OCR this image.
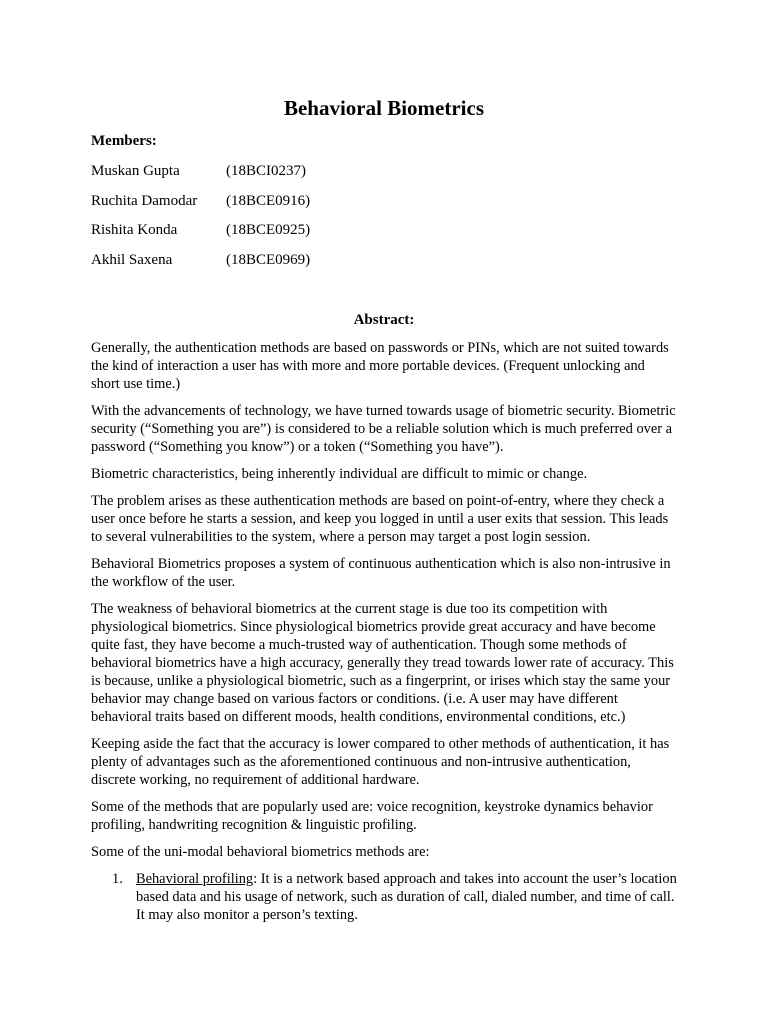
Behavioral Biometrics
Members:
Muskan Gupta	(18BCI0237)
Ruchita Damodar (18BCE0916)
Rishita Konda	(18BCE0925)
Akhil Saxena	(18BCE0969)
Abstract:

Generally, the authentication methods are based on passwords or PINs, which are not suited towards the kind of interaction a user has with more and more portable devices. (Frequent unlocking and short use time.)

With the advancements of technology, we have turned towards usage of biometric security. Biometric security (“Something you are”) is considered to be a reliable solution which is much preferred over a password (“Something you know”) or a token (“Something you have”).

Biometric characteristics, being inherently individual are difficult to mimic or change.

The problem arises as these authentication methods are based on point-of-entry, where they check a user once before he starts a session, and keep you logged in until a user exits that session. This leads to several vulnerabilities to the system, where a person may target a post login session.

Behavioral Biometrics proposes a system of continuous authentication which is also non-intrusive in the workflow of the user.

The weakness of behavioral biometrics at the current stage is due too its competition with physiological biometrics. Since physiological biometrics provide great accuracy and have become quite fast, they have become a much-trusted way of authentication. Though some methods of behavioral biometrics have a high accuracy, generally they tread towards lower rate of accuracy. This is because, unlike a physiological biometric, such as a fingerprint, or irises which stay the same your behavior may change based on various factors or conditions. (i.e. A user may have different behavioral traits based on different moods, health conditions, environmental conditions, etc.)

Keeping aside the fact that the accuracy is lower compared to other methods of authentication, it has plenty of advantages such as the aforementioned continuous and non-intrusive authentication, discrete working, no requirement of additional hardware.

Some of the methods that are popularly used are: voice recognition, keystroke dynamics behavior profiling, handwriting recognition & linguistic profiling.

Some of the uni-modal behavioral biometrics methods are:

1. Behavioral profiling: It is a network based approach and takes into account the user’s location based data and his usage of network, such as duration of call, dialed number, and time of call. It may also monitor a person’s texting.
